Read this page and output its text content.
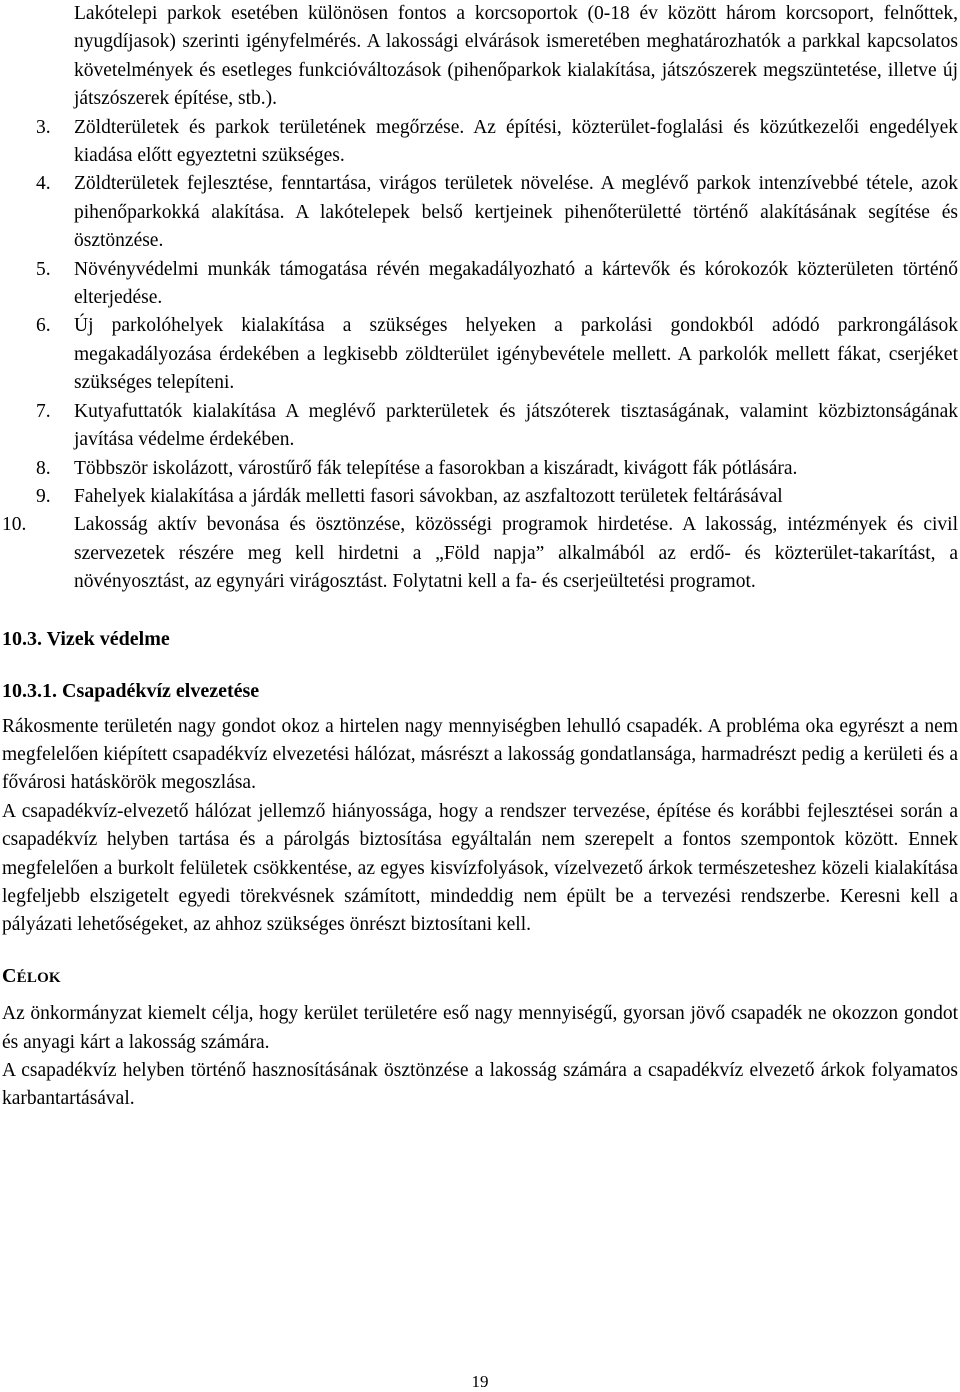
Lakótelepi parkok esetében különösen fontos a korcsoportok (0-18 év között három korcsoport, felnőttek, nyugdíjasok) szerinti igényfelmérés. A lakossági elvárások ismeretében meghatározhatók a parkkal kapcsolatos követelmények és esetleges funkcióváltozások (pihenőparkok kialakítása, játszószerek megszüntetése, illetve új játszószerek építése, stb.).

3. Zöldterületek és parkok területének megőrzése. Az építési, közterület-foglalási és közútkezelői engedélyek kiadása előtt egyeztetni szükséges.
4. Zöldterületek fejlesztése, fenntartása, virágos területek növelése. A meglévő parkok intenzívebbé tétele, azok pihenőparkokká alakítása. A lakótelepek belső kertjeinek pihenőterületté történő alakításának segítése és ösztönzése.
5. Növényvédelmi munkák támogatása révén megakadályozható a kártevők és kórokozók közterületen történő elterjedése.
6. Új parkolóhelyek kialakítása a szükséges helyeken a parkolási gondokból adódó parkrongálások megakadályozása érdekében a legkisebb zöldterület igénybevétele mellett. A parkolók mellett fákat, cserjéket szükséges telepíteni.
7. Kutyafuttatók kialakítása A meglévő parkterületek és játszóterek tisztaságának, valamint közbiztonságának javítása védelme érdekében.
8. Többször iskolázott, várostűrő fák telepítése a fasorokban a kiszáradt, kivágott fák pótlására.
9. Fahelyek kialakítása a járdák melletti fasori sávokban, az aszfaltozott területek feltárásával
10. Lakosság aktív bevonása és ösztönzése, közösségi programok hirdetése. A lakosság, intézmények és civil szervezetek részére meg kell hirdetni a „Föld napja” alkalmából az erdő- és közterület-takarítást, a növényosztást, az egynyári virágosztást. Folytatni kell a fa- és cserjeültetési programot.
10.3. Vizek védelme
10.3.1. Csapadékvíz elvezetése

Rákosmente területén nagy gondot okoz a hirtelen nagy mennyiségben lehulló csapadék. A probléma oka egyrészt a nem megfelelően kiépített csapadékvíz elvezetési hálózat, másrészt a lakosság gondatlansága, harmadrészt pedig a kerületi és a fővárosi hatáskörök megoszlása.

A csapadékvíz-elvezető hálózat jellemző hiányossága, hogy a rendszer tervezése, építése és korábbi fejlesztései során a csapadékvíz helyben tartása és a párolgás biztosítása egyáltalán nem szerepelt a fontos szempontok között. Ennek megfelelően a burkolt felületek csökkentése, az egyes kisvízfolyások, vízelvezető árkok természeteshez közeli kialakítása legfeljebb elszigetelt egyedi törekvésnek számított, mindeddig nem épült be a tervezési rendszerbe. Keresni kell a pályázati lehetőségeket, az ahhoz szükséges önrészt biztosítani kell.

CÉLOK

Az önkormányzat kiemelt célja, hogy kerület területére eső nagy mennyiségű, gyorsan jövő csapadék ne okozzon gondot és anyagi kárt a lakosság számára.

A csapadékvíz helyben történő hasznosításának ösztönzése a lakosság számára a csapadékvíz elvezető árkok folyamatos karbantartásával.

19
